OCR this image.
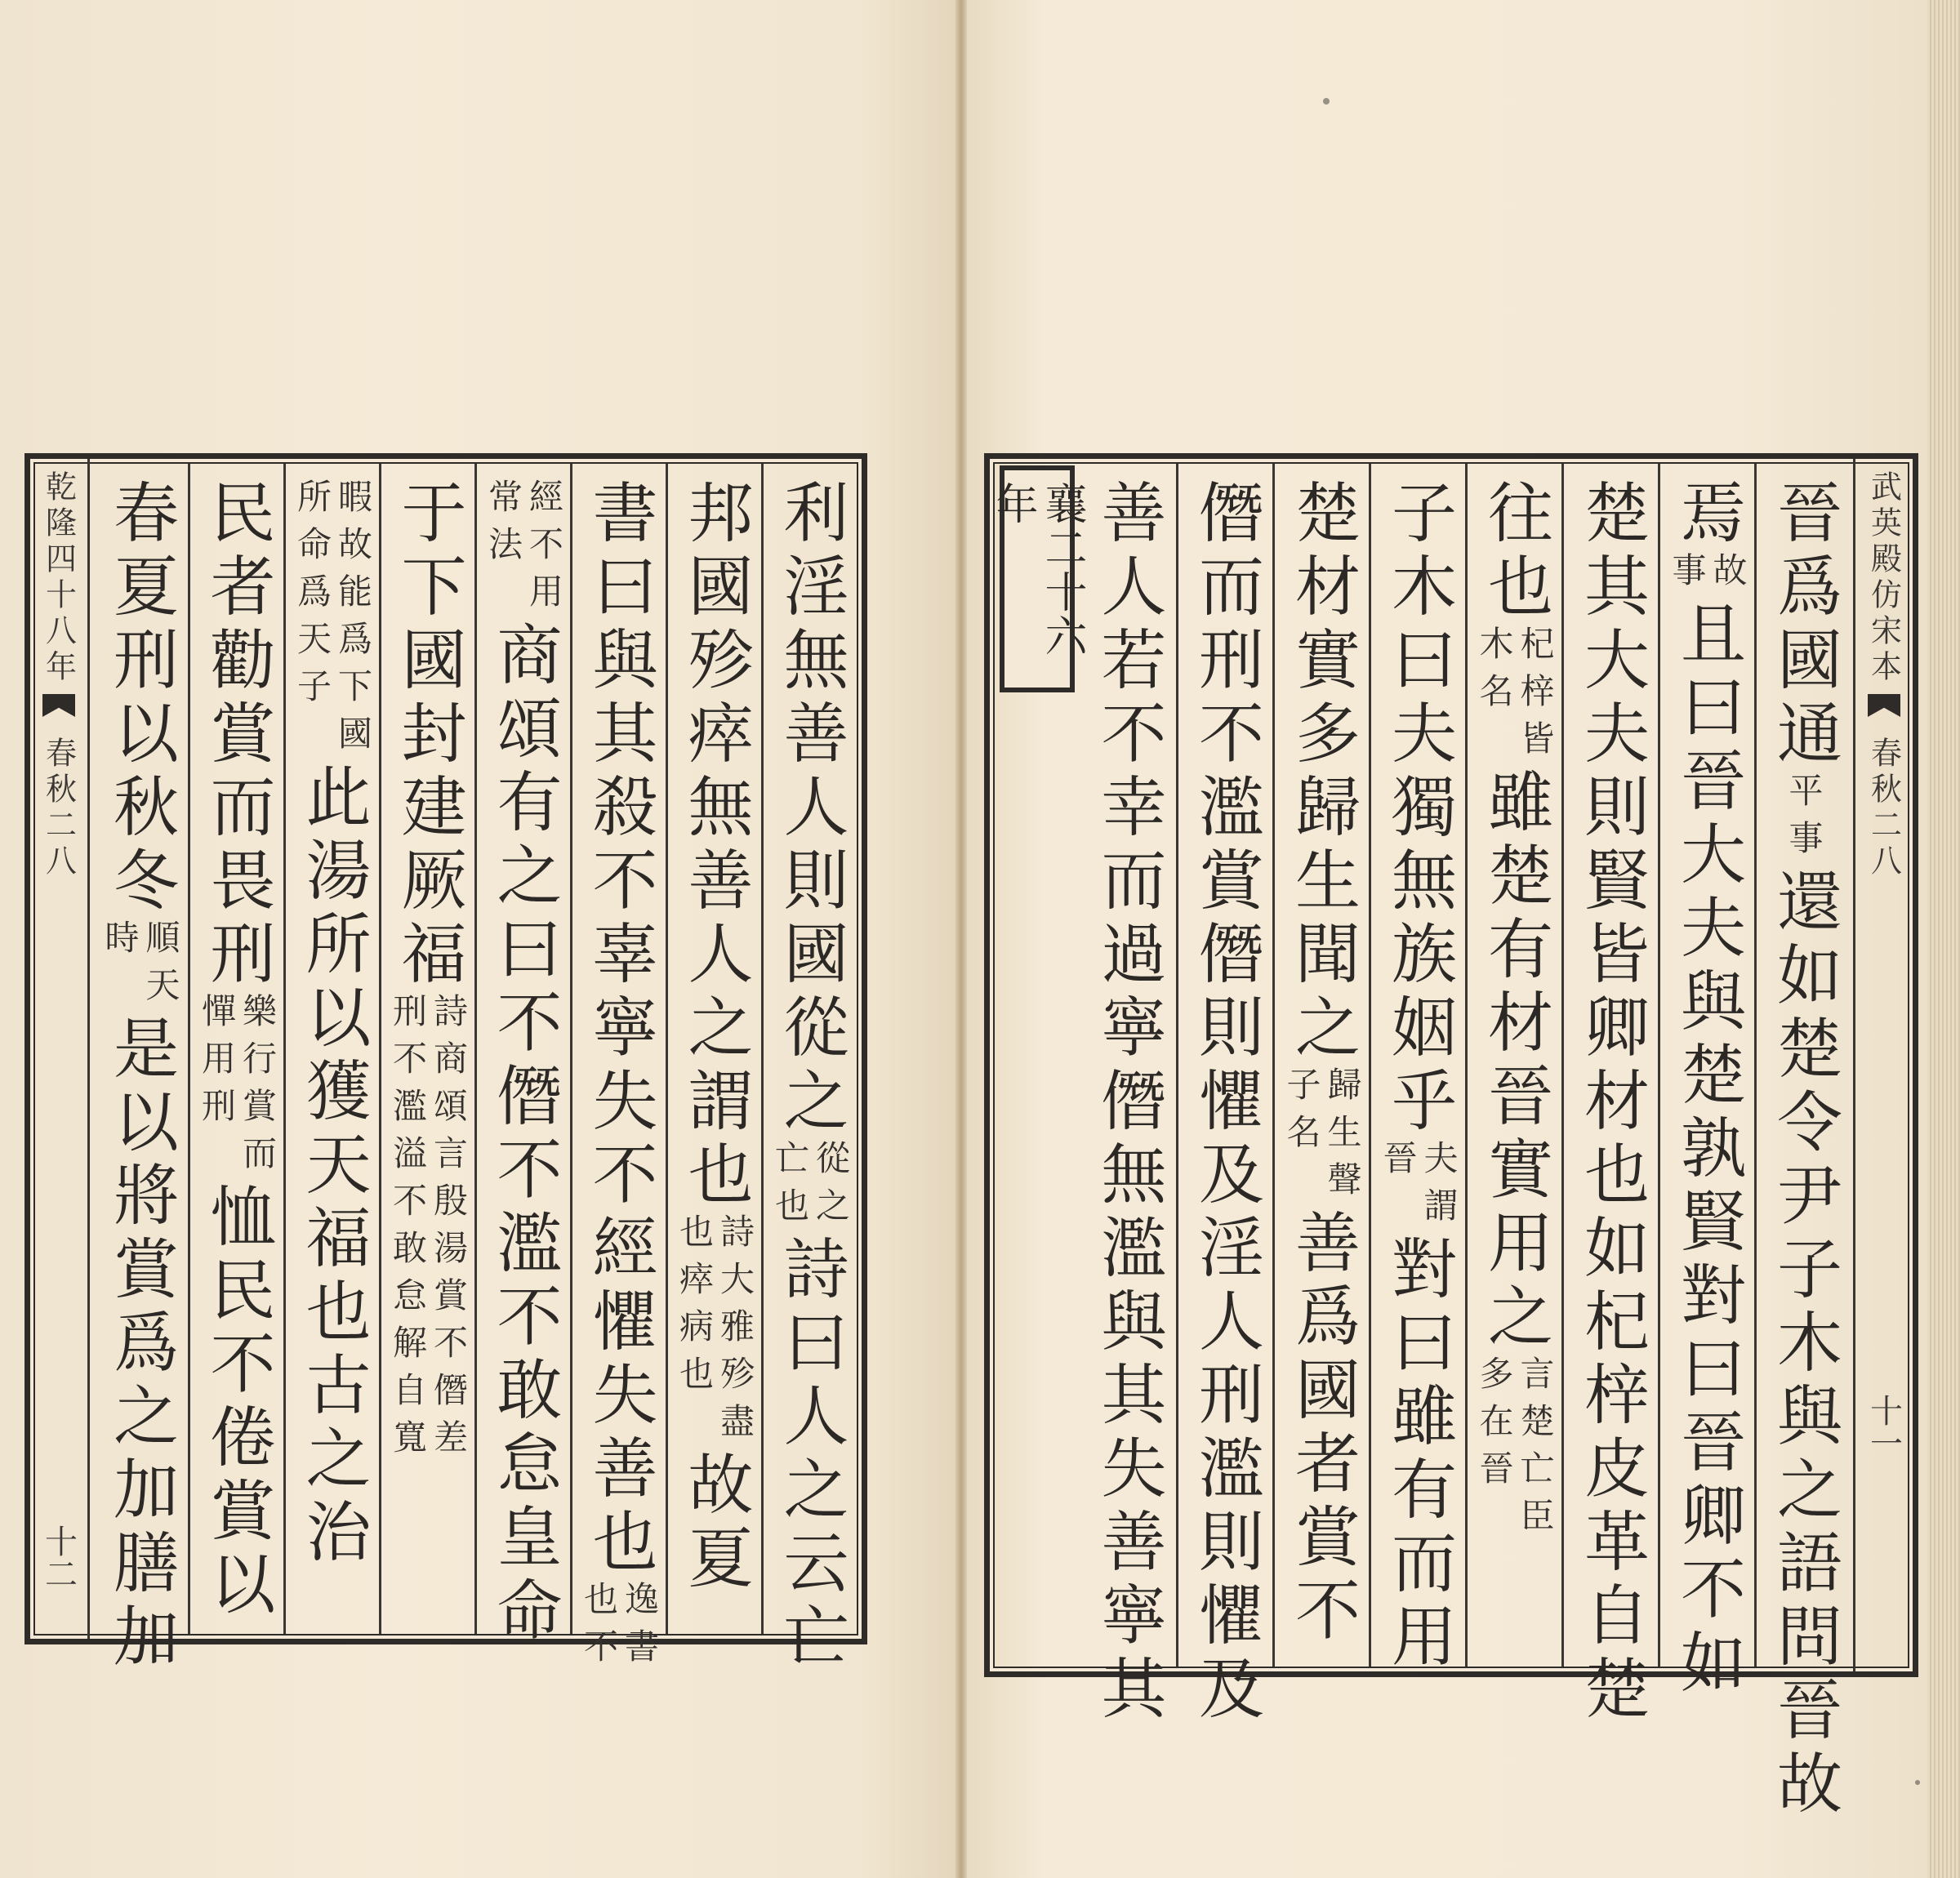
乾隆四十八年
春秋二八
十二
利淫無善人則國從之
從之
亡也
詩曰人之云亡
邦國殄瘁無善人之謂也
詩大雅殄盡
也瘁病也
故夏
書曰與其殺不辜寧失不經懼失善也
逸書
也不
經不用
常法
商頌有之曰不僭不濫不敢怠皇命
于下國封建厥福
詩商頌言殷湯賞不僭差
刑不濫溢不敢怠解自寬
暇故能爲下國
所命爲天子
此湯所以獲天福也古之治
民者勸賞而畏刑
樂行賞而
憚用刑
恤民不倦賞以
春夏刑以秋冬
順天
時
是以將賞爲之加膳加
武英殿仿宋本
春秋二八
十一
晉爲國通
平事
還如楚令尹子木與之語問晉故
焉
故
事
且曰晉大夫與楚孰賢對曰晉卿不如
楚其大夫則賢皆卿材也如杞梓皮革自楚
往也
杞梓皆
木名
雖楚有材晉實用之
言楚亡臣
多在晉
子木曰夫獨無族姻乎
夫謂
晉
對曰雖有而用
楚材實多歸生聞之
歸生聲
子名
善爲國者賞不
僭而刑不濫賞僭則懼及淫人刑濫則懼及
善人若不幸而過寧僭無濫與其失善寧其
襄二十六年
